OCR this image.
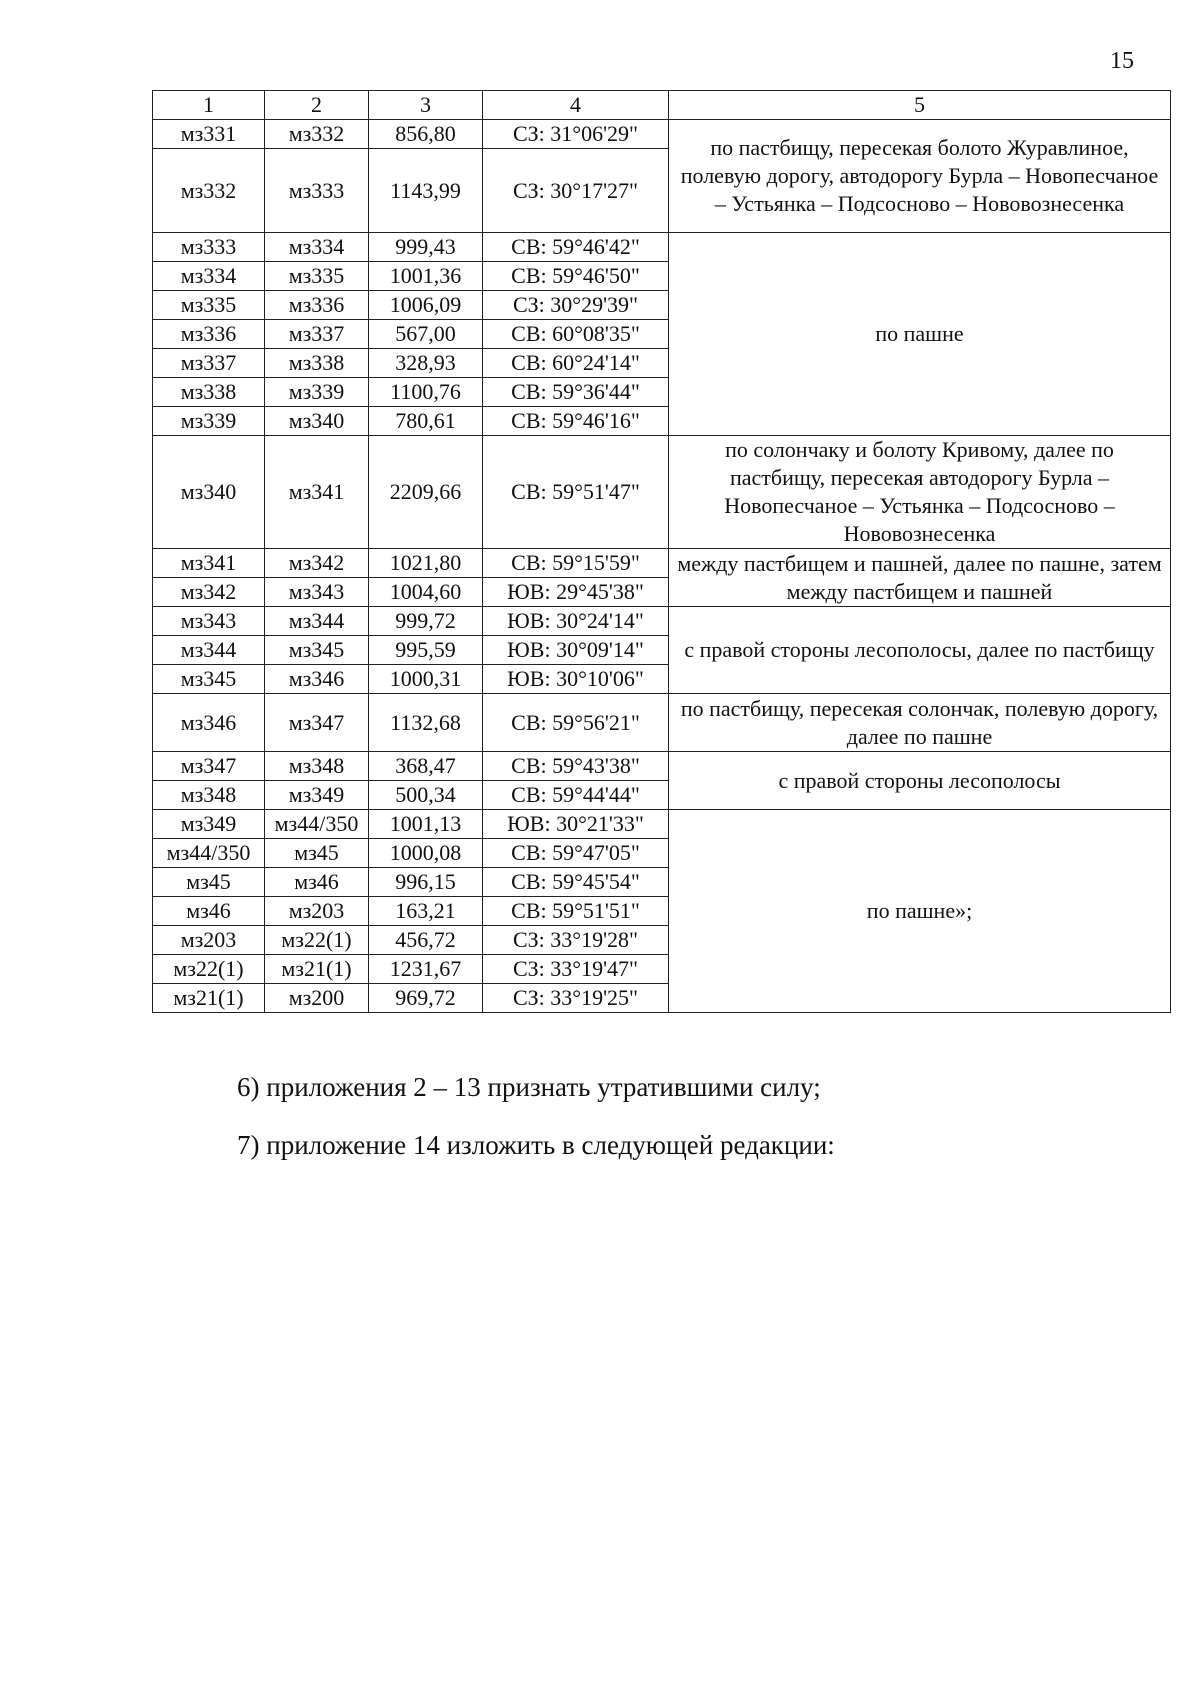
15
1	2	3	4	5
мз331	мз332	856,80	СЗ: 31°06'29"	по пастбищу, пересекая болото Журавлиное, полевую дорогу, автодорогу Бурла – Новопесчаное – Устьянка – Подсосново – Нововознесенка
мз332	мз333	1143,99	СЗ: 30°17'27"	
мз333	мз334	999,43	СВ: 59°46'42"	по пашне
мз334	мз335	1001,36	СВ: 59°46'50"	
мз335	мз336	1006,09	СЗ: 30°29'39"	
мз336	мз337	567,00	СВ: 60°08'35"	
мз337	мз338	328,93	СВ: 60°24'14"	
мз338	мз339	1100,76	СВ: 59°36'44"	
мз339	мз340	780,61	СВ: 59°46'16"	
мз340	мз341	2209,66	СВ: 59°51'47"	по солончаку и болоту Кривому, далее по пастбищу, пересекая автодорогу Бурла – Новопесчаное – Устьянка – Подсосново – Нововознесенка
мз341	мз342	1021,80	СВ: 59°15'59"	между пастбищем и пашней, далее по пашне, затем между пастбищем и пашней
мз342	мз343	1004,60	ЮВ: 29°45'38"	
мз343	мз344	999,72	ЮВ: 30°24'14"	с правой стороны лесополосы, далее по пастбищу
мз344	мз345	995,59	ЮВ: 30°09'14"	
мз345	мз346	1000,31	ЮВ: 30°10'06"	
мз346	мз347	1132,68	СВ: 59°56'21"	по пастбищу, пересекая солончак, полевую дорогу, далее по пашне
мз347	мз348	368,47	СВ: 59°43'38"	с правой стороны лесополосы
мз348	мз349	500,34	СВ: 59°44'44"	
мз349	мз44/350	1001,13	ЮВ: 30°21'33"	по пашне»;
мз44/350	мз45	1000,08	СВ: 59°47'05"	
мз45	мз46	996,15	СВ: 59°45'54"	
мз46	мз203	163,21	СВ: 59°51'51"	
мз203	мз22(1)	456,72	СЗ: 33°19'28"	
мз22(1)	мз21(1)	1231,67	СЗ: 33°19'47"	
мз21(1)	мз200	969,72	СЗ: 33°19'25"	
6) приложения 2 – 13 признать утратившими силу;
7) приложение 14 изложить в следующей редакции:
